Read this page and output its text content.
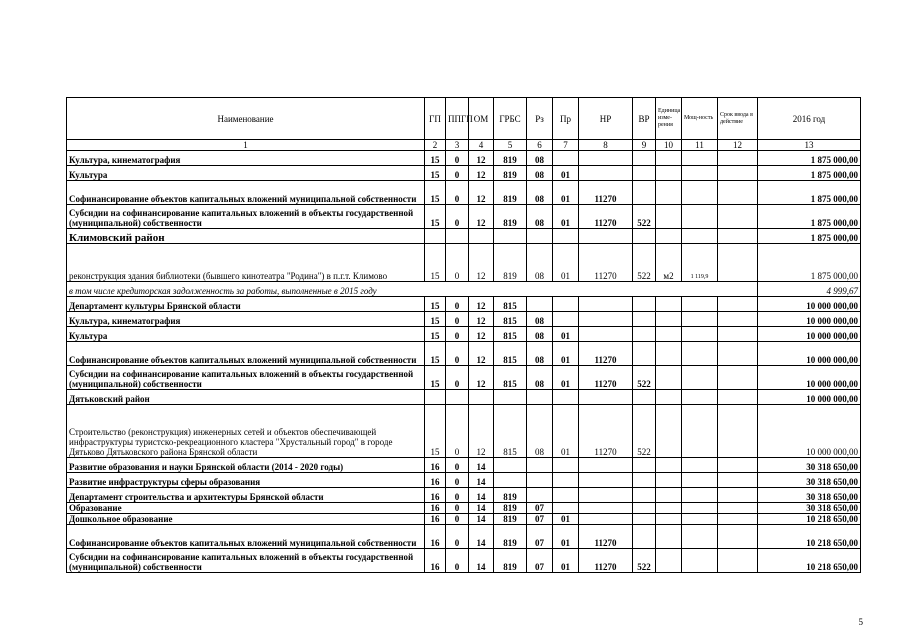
Наименование	ГП	ППГП	ОМ	ГРБС	Рз	Пр	НР	ВР	Единица изме-рения	Мощ-ность	Срок ввода в действие	2016 год
1	2	3	4	5	6	7	8	9	10	11	12	13
Культура, кинематография	15	0	12	819	08							1 875 000,00
Культура	15	0	12	819	08	01						1 875 000,00
Софинансирование объектов капитальных вложений муниципальной собственности	15	0	12	819	08	01	11270					1 875 000,00
Субсидии на софинансирование капитальных вложений в объекты государственной (муниципальной) собственности	15	0	12	819	08	01	11270	522				1 875 000,00
Климовский район												1 875 000,00
реконструкция здания библиотеки (бывшего кинотеатра "Родина") в п.г.т. Климово	15	0	12	819	08	01	11270	522	м2	1 119,9		1 875 000,00
в том числе кредиторская задолженность за работы, выполненные в 2015 году												4 999,67
Департамент культуры Брянской области	15	0	12	815								10 000 000,00
Культура, кинематография	15	0	12	815	08							10 000 000,00
Культура	15	0	12	815	08	01						10 000 000,00
Софинансирование объектов капитальных вложений муниципальной собственности	15	0	12	815	08	01	11270					10 000 000,00
Субсидии на софинансирование капитальных вложений в объекты государственной (муниципальной) собственности	15	0	12	815	08	01	11270	522				10 000 000,00
Дятьковский район												10 000 000,00
Строительство (реконструкция) инженерных сетей и объектов обеспечивающей инфраструктуры туристско-рекреационного кластера "Хрустальный город" в городе Дятьково Дятьковского района Брянской области	15	0	12	815	08	01	11270	522				10 000 000,00
Развитие образования и науки Брянской области (2014 - 2020 годы)	16	0	14									30 318 650,00
Развитие инфраструктуры сферы образования	16	0	14									30 318 650,00
Департамент строительства и архитектуры Брянской области	16	0	14	819								30 318 650,00
Образование	16	0	14	819	07							30 318 650,00
Дошкольное образование	16	0	14	819	07	01						10 218 650,00
Софинансирование объектов капитальных вложений муниципальной собственности	16	0	14	819	07	01	11270					10 218 650,00
Субсидии на софинансирование капитальных вложений в объекты государственной (муниципальной) собственности	16	0	14	819	07	01	11270	522				10 218 650,00
5
